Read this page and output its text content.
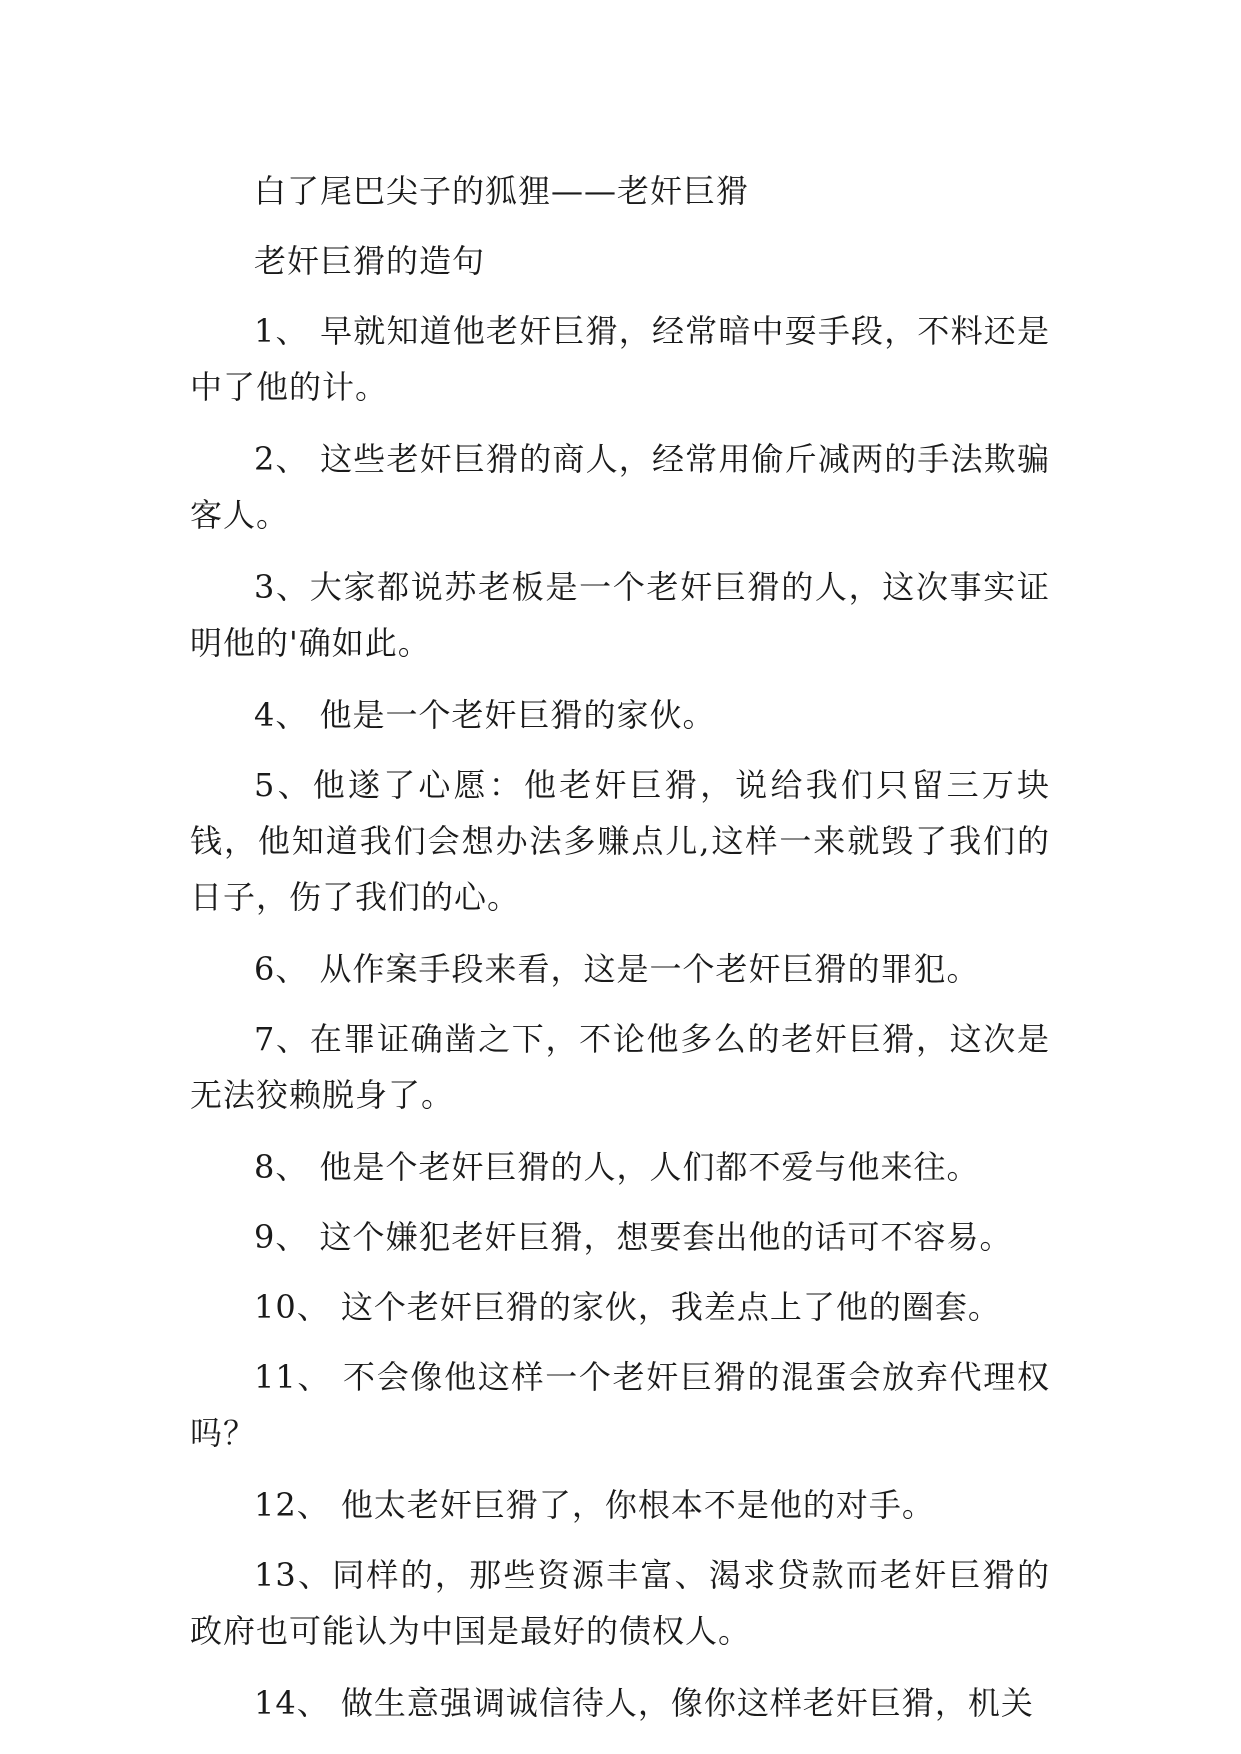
白了尾巴尖子的狐狸——老奸巨猾

老奸巨猾的造句

1、 早就知道他老奸巨猾，经常暗中耍手段，不料还是中了他的计。

2、 这些老奸巨猾的商人，经常用偷斤减两的手法欺骗客人。

3、大家都说苏老板是一个老奸巨猾的人，这次事实证明他的'确如此。

4、 他是一个老奸巨猾的家伙。

5、他遂了心愿：他老奸巨猾，说给我们只留三万块钱，他知道我们会想办法多赚点儿,这样一来就毁了我们的日子，伤了我们的心。

6、 从作案手段来看，这是一个老奸巨猾的罪犯。

7、在罪证确凿之下，不论他多么的老奸巨猾，这次是无法狡赖脱身了。

8、 他是个老奸巨猾的人，人们都不爱与他来往。

9、 这个嫌犯老奸巨猾，想要套出他的话可不容易。

10、 这个老奸巨猾的家伙，我差点上了他的圈套。

11、 不会像他这样一个老奸巨猾的混蛋会放弃代理权吗？

12、 他太老奸巨猾了，你根本不是他的对手。

13、同样的，那些资源丰富、渴求贷款而老奸巨猾的政府也可能认为中国是最好的债权人。

14、 做生意强调诚信待人，像你这样老奸巨猾，机关
